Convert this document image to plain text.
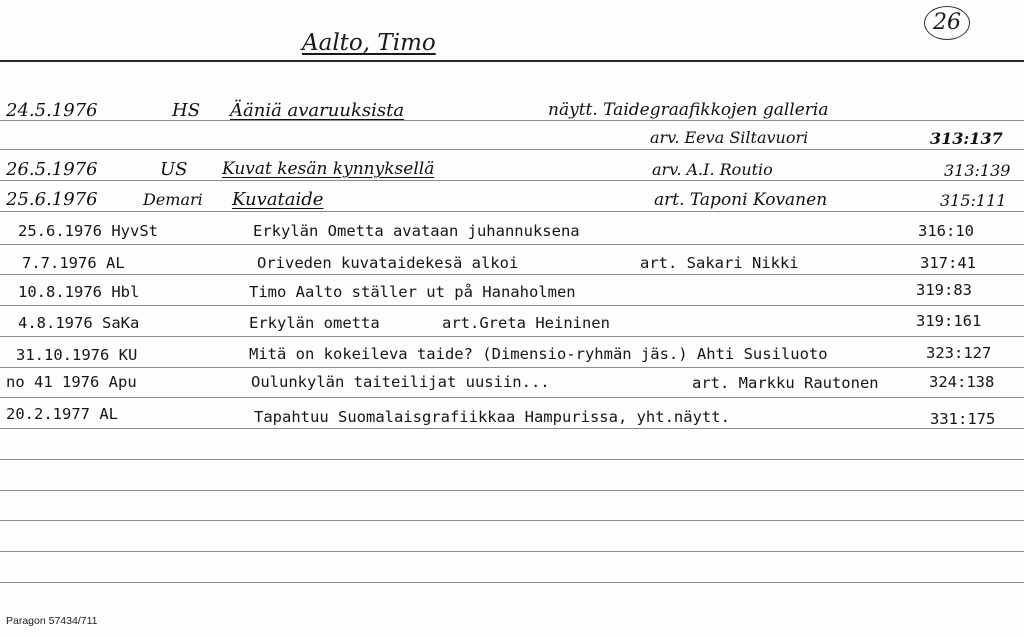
26
Aalto, Timo
24.5.1976	HS Ääniä avaruuksista	näytt. Taidegraafikkojen galleria
arv. Eeva Siltavuori	313:137
26.5.1976	US Kuvat kesän kynnyksellä	arv. A.I. Routio	313:139
25.6.1976	Demari Kuvataide	art. Taponi Kovanen	315:111
25.6.1976 HyvSt	Erkylän Ometta avataan juhannuksena	316:10
7.7.1976 AL	Oriveden kuvataidekesä alkoi	art. Sakari Nikki	317:41
10.8.1976 Hbl	Timo Aalto ställer ut på Hanaholmen	319:83
4.8.1976 SaKa	Erkylän ometta	art.Greta Heininen	319:161
31.10.1976 KU	Mitä on kokeileva taide? (Dimensio-ryhmän jäs.) Ahti Susiluoto	323:127
no 41 1976 Apu	Oulunkylän taiteilijat uusiin...	art. Markku Rautonen	324:138
20.2.1977 AL	Tapahtuu Suomalaisgrafiikkaa Hampurissa, yht.näytt.	331:175
Paragon 57434/711
